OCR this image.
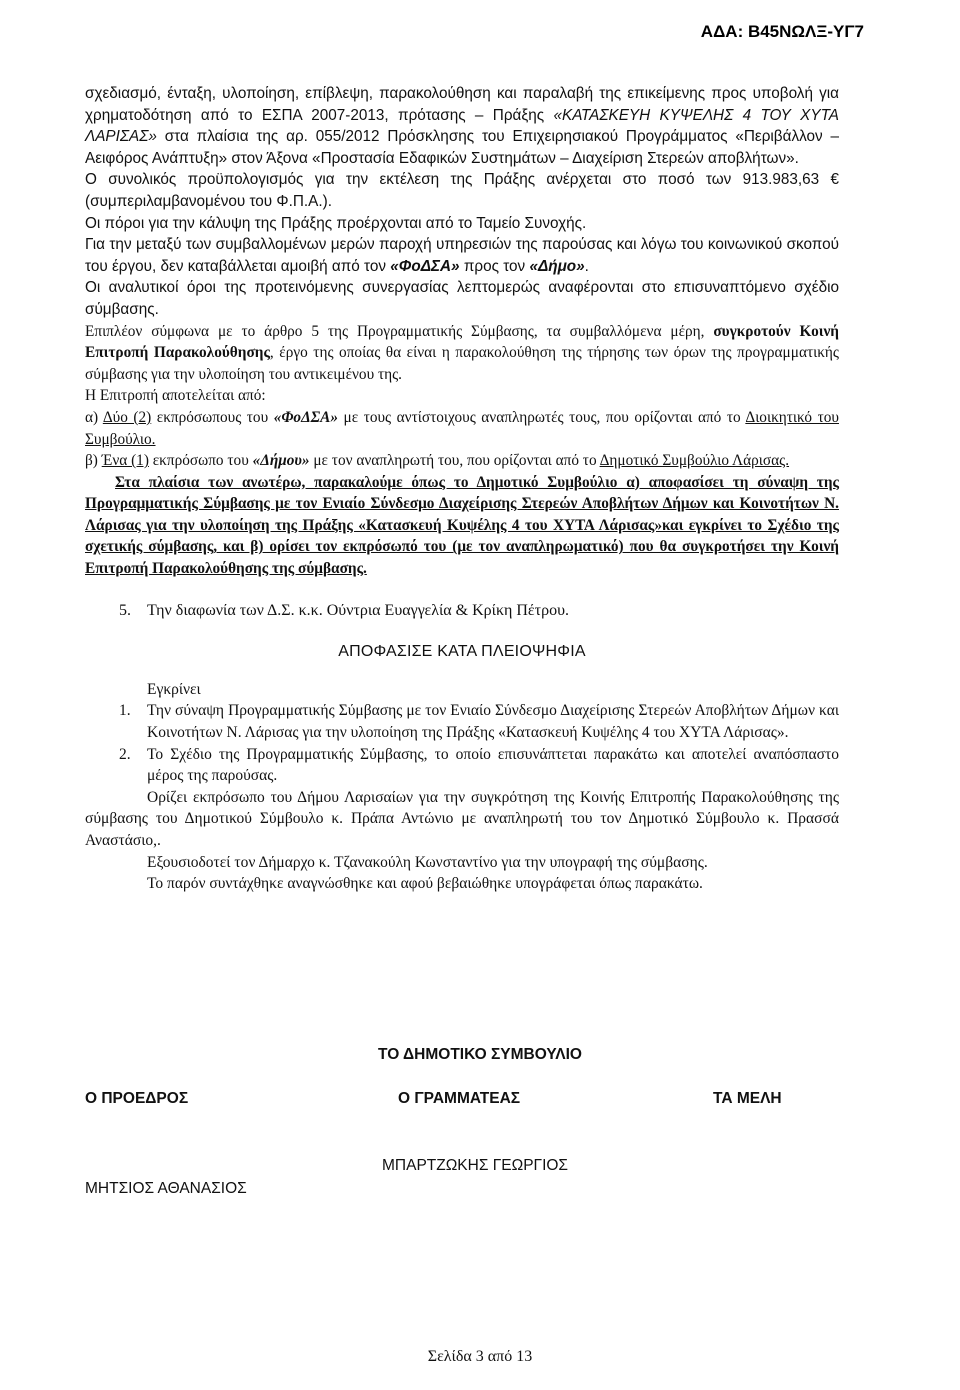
ΑΔΑ: Β45ΝΩΛΞ-ΥΓ7

σχεδιασμό, ένταξη, υλοποίηση, επίβλεψη, παρακολούθηση και παραλαβή της επικείμενης προς υποβολή για χρηματοδότηση από το ΕΣΠΑ 2007-2013, πρότασης – Πράξης «ΚΑΤΑΣΚΕΥΗ ΚΥΨΕΛΗΣ 4 ΤΟΥ ΧΥΤΑ ΛΑΡΙΣΑΣ» στα πλαίσια της αρ. 055/2012 Πρόσκλησης του Επιχειρησιακού Προγράμματος «Περιβάλλον – Αειφόρος Ανάπτυξη» στον Άξονα «Προστασία Εδαφικών Συστημάτων – Διαχείριση Στερεών αποβλήτων».

Ο συνολικός προϋπολογισμός για την εκτέλεση της Πράξης ανέρχεται στο ποσό των 913.983,63 € (συμπεριλαμβανομένου του Φ.Π.Α.).

Οι πόροι για την κάλυψη της Πράξης προέρχονται από το Ταμείο Συνοχής.

Για την μεταξύ των συμβαλλομένων μερών παροχή υπηρεσιών της παρούσας και λόγω του κοινωνικού σκοπού του έργου, δεν καταβάλλεται αμοιβή από τον «ΦοΔΣΑ» προς τον «Δήμο».

Οι αναλυτικοί όροι της προτεινόμενης συνεργασίας λεπτομερώς αναφέρονται στο επισυναπτόμενο σχέδιο σύμβασης.

Επιπλέον σύμφωνα με το άρθρο 5 της Προγραμματικής Σύμβασης, τα συμβαλλόμενα μέρη, συγκροτούν Κοινή Επιτροπή Παρακολούθησης, έργο της οποίας θα είναι η παρακολούθηση της τήρησης των όρων της προγραμματικής σύμβασης για την υλοποίηση του αντικειμένου της.

Η Επιτροπή αποτελείται από:

α) Δύο (2) εκπρόσωπους του «ΦοΔΣΑ» με τους αντίστοιχους αναπληρωτές τους, που ορίζονται από το Διοικητικό του Συμβούλιο.

β) Ένα (1) εκπρόσωπο του «Δήμου» με τον αναπληρωτή του, που ορίζονται από το Δημοτικό Συμβούλιο Λάρισας.

Στα πλαίσια των ανωτέρω, παρακαλούμε όπως το Δημοτικό Συμβούλιο α) αποφασίσει τη σύναψη της Προγραμματικής Σύμβασης με τον Ενιαίο Σύνδεσμο Διαχείρισης Στερεών Αποβλήτων Δήμων και Κοινοτήτων Ν. Λάρισας για την υλοποίηση της Πράξης «Κατασκευή Κυψέλης 4 του ΧΥΤΑ Λάρισας»και εγκρίνει το Σχέδιο της σχετικής σύμβασης, και β) ορίσει τον εκπρόσωπό του (με τον αναπληρωματικό) που θα συγκροτήσει την Κοινή Επιτροπή Παρακολούθησης της σύμβασης.

5. Την διαφωνία των Δ.Σ. κ.κ. Ούντρια Ευαγγελία & Κρίκη Πέτρου.

ΑΠΟΦΑΣΙΣΕ ΚΑΤΑ ΠΛΕΙΟΨΗΦΙΑ

Εγκρίνει

1. Την σύναψη Προγραμματικής Σύμβασης με τον Ενιαίο Σύνδεσμο Διαχείρισης Στερεών Αποβλήτων Δήμων και Κοινοτήτων Ν. Λάρισας για την υλοποίηση της Πράξης «Κατασκευή Κυψέλης 4 του ΧΥΤΑ Λάρισας».
2. Το Σχέδιο της Προγραμματικής Σύμβασης, το οποίο επισυνάπτεται παρακάτω και αποτελεί αναπόσπαστο μέρος της παρούσας.

Ορίζει εκπρόσωπο του Δήμου Λαρισαίων για την συγκρότηση της Κοινής Επιτροπής Παρακολούθησης της σύμβασης του Δημοτικού Σύμβουλο κ. Πράπα Αντώνιο με αναπληρωτή του τον Δημοτικό Σύμβουλο κ. Πρασσά Αναστάσιο,.

Εξουσιοδοτεί τον Δήμαρχο κ. Τζανακούλη Κωνσταντίνο για την υπογραφή της σύμβασης.

Το παρόν συντάχθηκε αναγνώσθηκε και αφού βεβαιώθηκε υπογράφεται όπως παρακάτω.

ΤΟ ΔΗΜΟΤΙΚΟ ΣΥΜΒΟΥΛΙΟ
Ο ΠΡΟΕΔΡΟΣ	Ο ΓΡΑΜΜΑΤΕΑΣ	ΤΑ ΜΕΛΗ
ΜΠΑΡΤΖΩΚΗΣ ΓΕΩΡΓΙΟΣ
ΜΗΤΣΙΟΣ ΑΘΑΝΑΣΙΟΣ
Σελίδα 3 από 13
